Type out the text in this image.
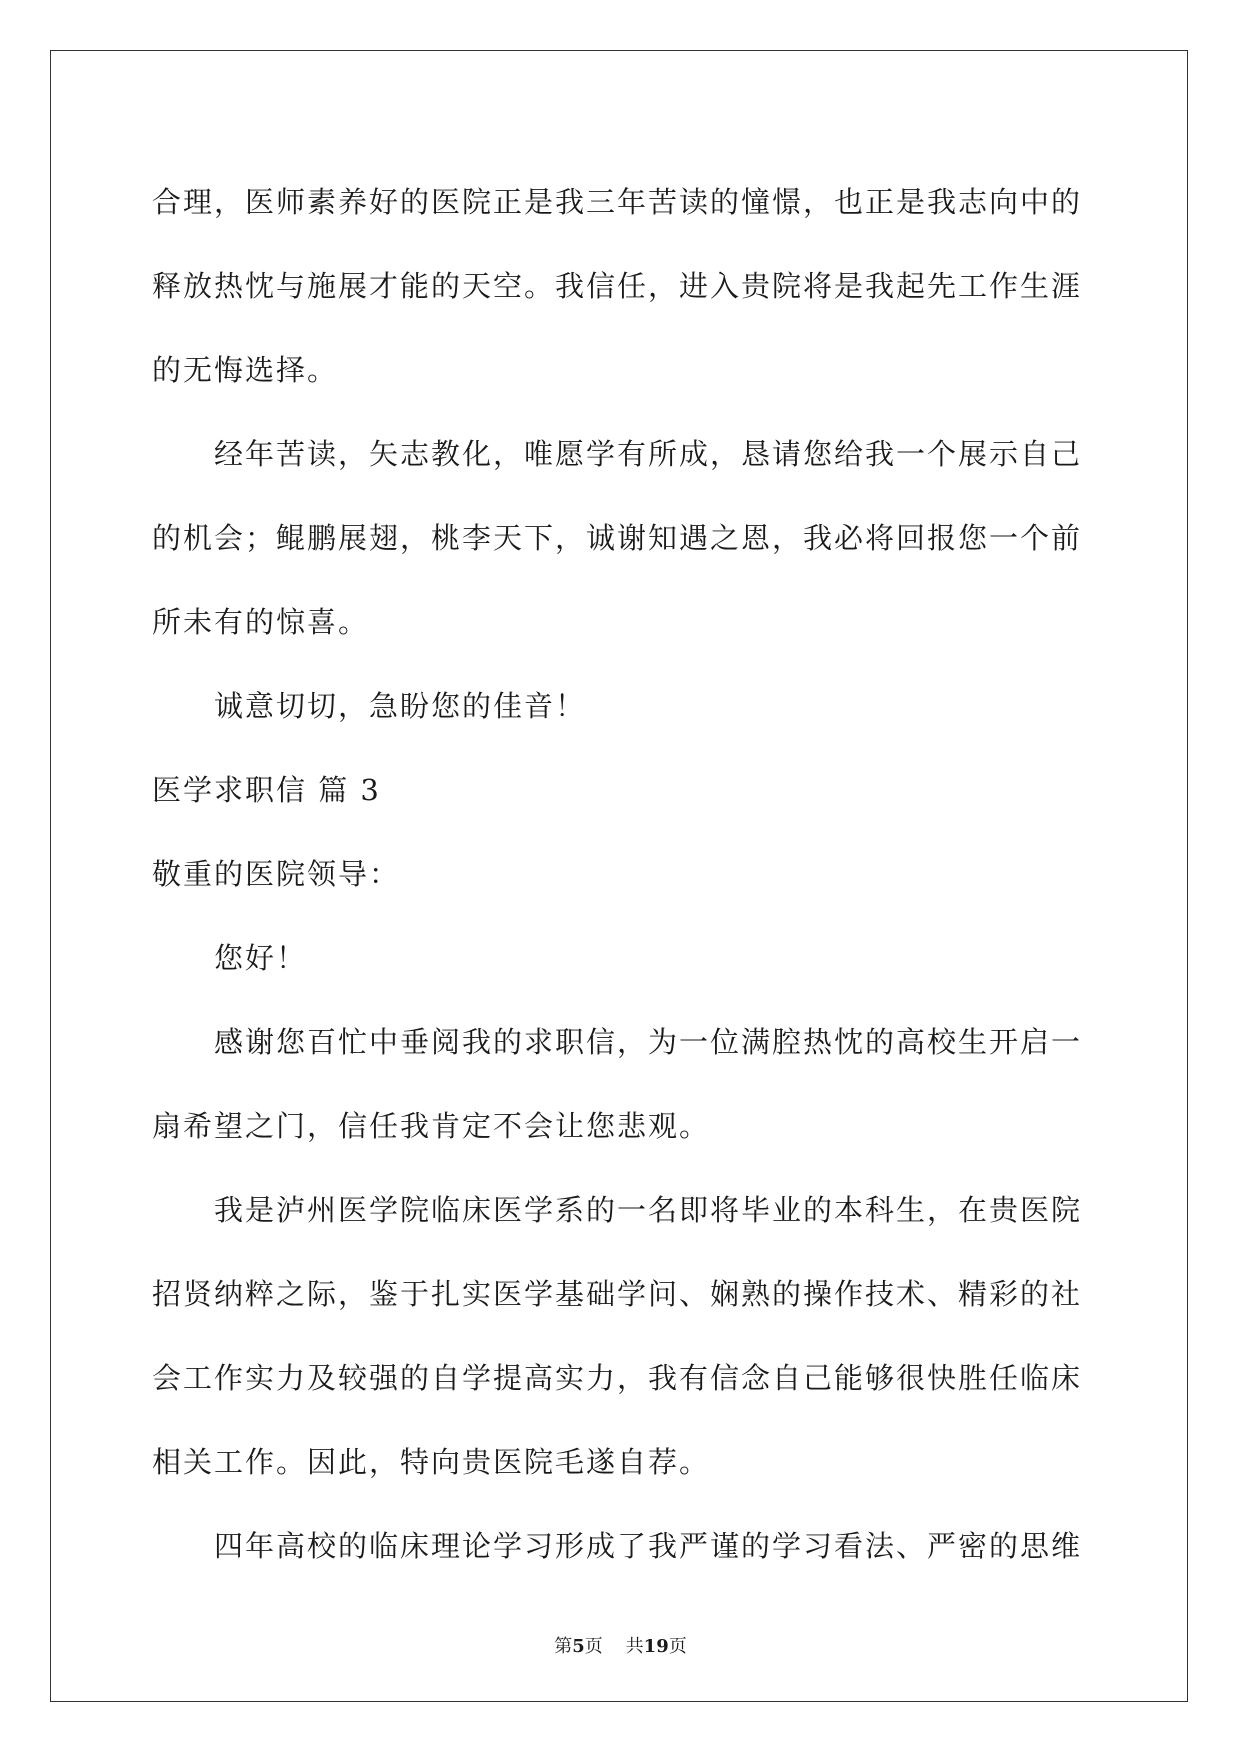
合理，医师素养好的医院正是我三年苦读的憧憬，也正是我志向中的
释放热忱与施展才能的天空。我信任，进入贵院将是我起先工作生涯
的无悔选择。
经年苦读，矢志教化，唯愿学有所成，恳请您给我一个展示自己
的机会；鲲鹏展翅，桃李天下，诚谢知遇之恩，我必将回报您一个前
所未有的惊喜。
诚意切切，急盼您的佳音！
医学求职信 篇 3
敬重的医院领导：
您好！
感谢您百忙中垂阅我的求职信，为一位满腔热忱的高校生开启一
扇希望之门，信任我肯定不会让您悲观。
我是泸州医学院临床医学系的一名即将毕业的本科生，在贵医院
招贤纳粹之际，鉴于扎实医学基础学问、娴熟的操作技术、精彩的社
会工作实力及较强的自学提高实力，我有信念自己能够很快胜任临床
相关工作。因此，特向贵医院毛遂自荐。
四年高校的临床理论学习形成了我严谨的学习看法、严密的思维
第5页 共19页
